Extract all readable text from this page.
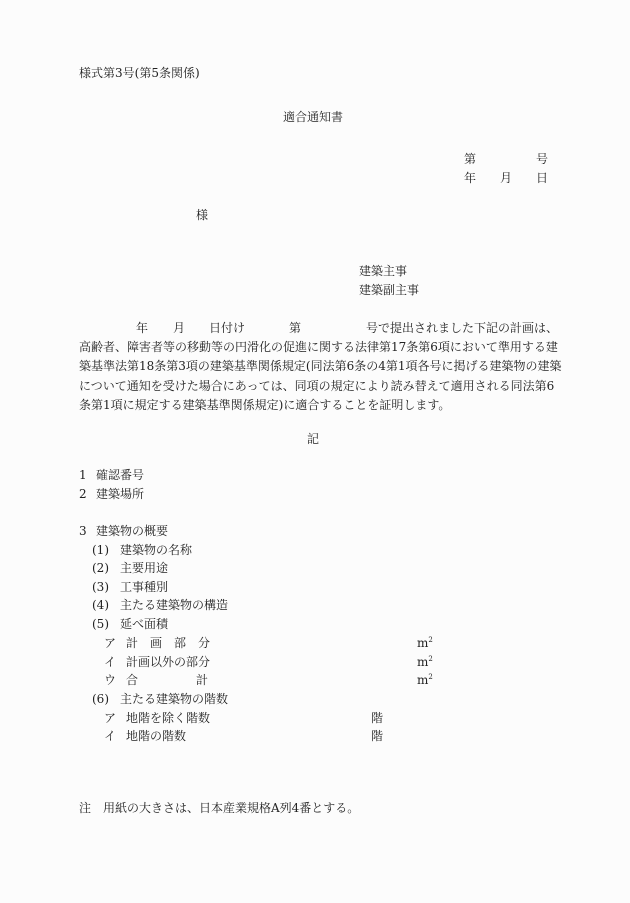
様式第3号(第5条関係)
適合通知書
第	号
年 月 日
様
建築主事
建築副主事
年 月 日付け	第	号で提出されました下記の計画は、
高齢者、障害者等の移動等の円滑化の促進に関する法律第17条第6項において準用する建
築基準法第18条第3項の建築基準関係規定(同法第6条の4第1項各号に掲げる建築物の建築
について通知を受けた場合にあっては、同項の規定により読み替えて適用される同法第6
条第1項に規定する建築基準関係規定)に適合することを証明します。
記
1 確認番号
2 建築場所
3 建築物の概要
(1) 建築物の名称
(2) 主要用途
(3) 工事種別
(4) 主たる建築物の構造
(5) 延べ面積
ア 計　画　部　分	$m^2$
イ 計画以外の部分	$m^2$
ウ 合	計	$m^2$
(6) 主たる建築物の階数
ア 地階を除く階数	階
イ 地階の階数	階
注 用紙の大きさは、日本産業規格A列4番とする。
